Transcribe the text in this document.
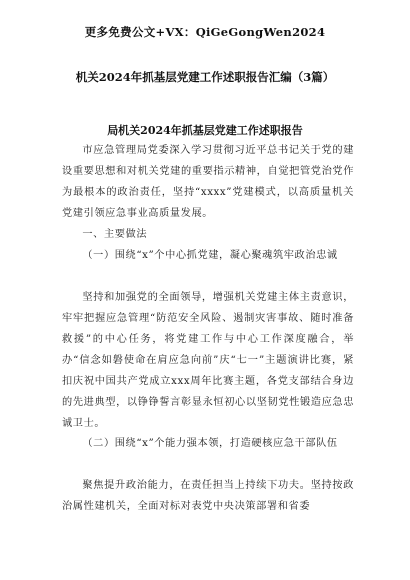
更多免费公文+VX：QiGeGongWen2024
机关2024年抓基层党建工作述职报告汇编（3篇）
局机关2024年抓基层党建工作述职报告

市应急管理局党委深入学习贯彻习近平总书记关于党的建设重要思想和对机关党建的重要指示精神，自觉把管党治党作为最根本的政治责任，坚持“xxxx”党建模式，以高质量机关党建引领应急事业高质量发展。

一、主要做法

（一）围绕“x”个中心抓党建，凝心聚魂筑牢政治忠诚

坚持和加强党的全面领导，增强机关党建主体主责意识，牢牢把握应急管理“防范安全风险、遏制灾害事故、随时准备救援”的中心任务，将党建工作与中心工作深度融合，举办“信念如磐使命在肩应急向前”庆“七一”主题演讲比赛，紧扣庆祝中国共产党成立xxx周年比赛主题，各党支部结合身边的先进典型，以铮铮誓言彰显永恒初心以坚韧党性锻造应急忠诚卫士。

（二）围绕“x”个能力强本领，打造硬核应急干部队伍

聚焦提升政治能力，在责任担当上持续下功夫。坚持按政治属性建机关，全面对标对表党中央决策部署和省委
